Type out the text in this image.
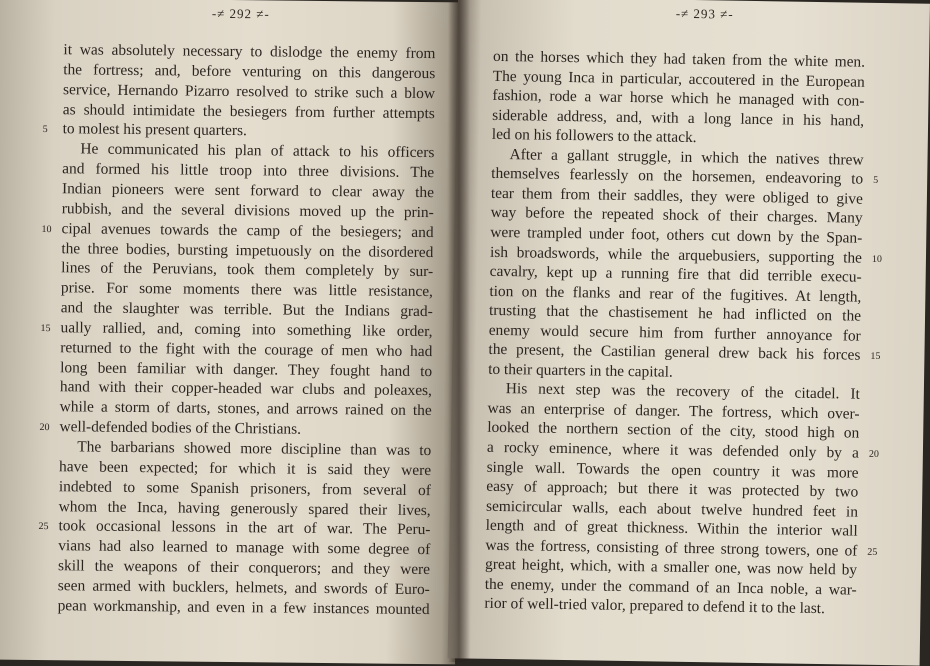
-≠ 292 ≠-
it was absolutely necessary to dislodge the enemy from
the fortress; and, before venturing on this dangerous
service, Hernando Pizarro resolved to strike such a blow
as should intimidate the besiegers from further attempts
to molest his present quarters.
He communicated his plan of attack to his officers
and formed his little troop into three divisions. The
Indian pioneers were sent forward to clear away the
rubbish, and the several divisions moved up the prin-
cipal avenues towards the camp of the besiegers; and
the three bodies, bursting impetuously on the disordered
lines of the Peruvians, took them completely by sur-
prise. For some moments there was little resistance,
and the slaughter was terrible. But the Indians grad-
ually rallied, and, coming into something like order,
returned to the fight with the courage of men who had
long been familiar with danger. They fought hand to
hand with their copper-headed war clubs and poleaxes,
while a storm of darts, stones, and arrows rained on the
well-defended bodies of the Christians.
The barbarians showed more discipline than was to
have been expected; for which it is said they were
indebted to some Spanish prisoners, from several of
whom the Inca, having generously spared their lives,
took occasional lessons in the art of war. The Peru-
vians had also learned to manage with some degree of
skill the weapons of their conquerors; and they were
seen armed with bucklers, helmets, and swords of Euro-
pean workmanship, and even in a few instances mounted
5
10
15
20
25
-≠ 293 ≠-
on the horses which they had taken from the white men.
The young Inca in particular, accoutered in the European
fashion, rode a war horse which he managed with con-
siderable address, and, with a long lance in his hand,
led on his followers to the attack.
After a gallant struggle, in which the natives threw
themselves fearlessly on the horsemen, endeavoring to
tear them from their saddles, they were obliged to give
way before the repeated shock of their charges. Many
were trampled under foot, others cut down by the Span-
ish broadswords, while the arquebusiers, supporting the
cavalry, kept up a running fire that did terrible execu-
tion on the flanks and rear of the fugitives. At length,
trusting that the chastisement he had inflicted on the
enemy would secure him from further annoyance for
the present, the Castilian general drew back his forces
to their quarters in the capital.
His next step was the recovery of the citadel. It
was an enterprise of danger. The fortress, which over-
looked the northern section of the city, stood high on
a rocky eminence, where it was defended only by a
single wall. Towards the open country it was more
easy of approach; but there it was protected by two
semicircular walls, each about twelve hundred feet in
length and of great thickness. Within the interior wall
was the fortress, consisting of three strong towers, one of
great height, which, with a smaller one, was now held by
the enemy, under the command of an Inca noble, a war-
rior of well-tried valor, prepared to defend it to the last.
5
10
15
20
25
